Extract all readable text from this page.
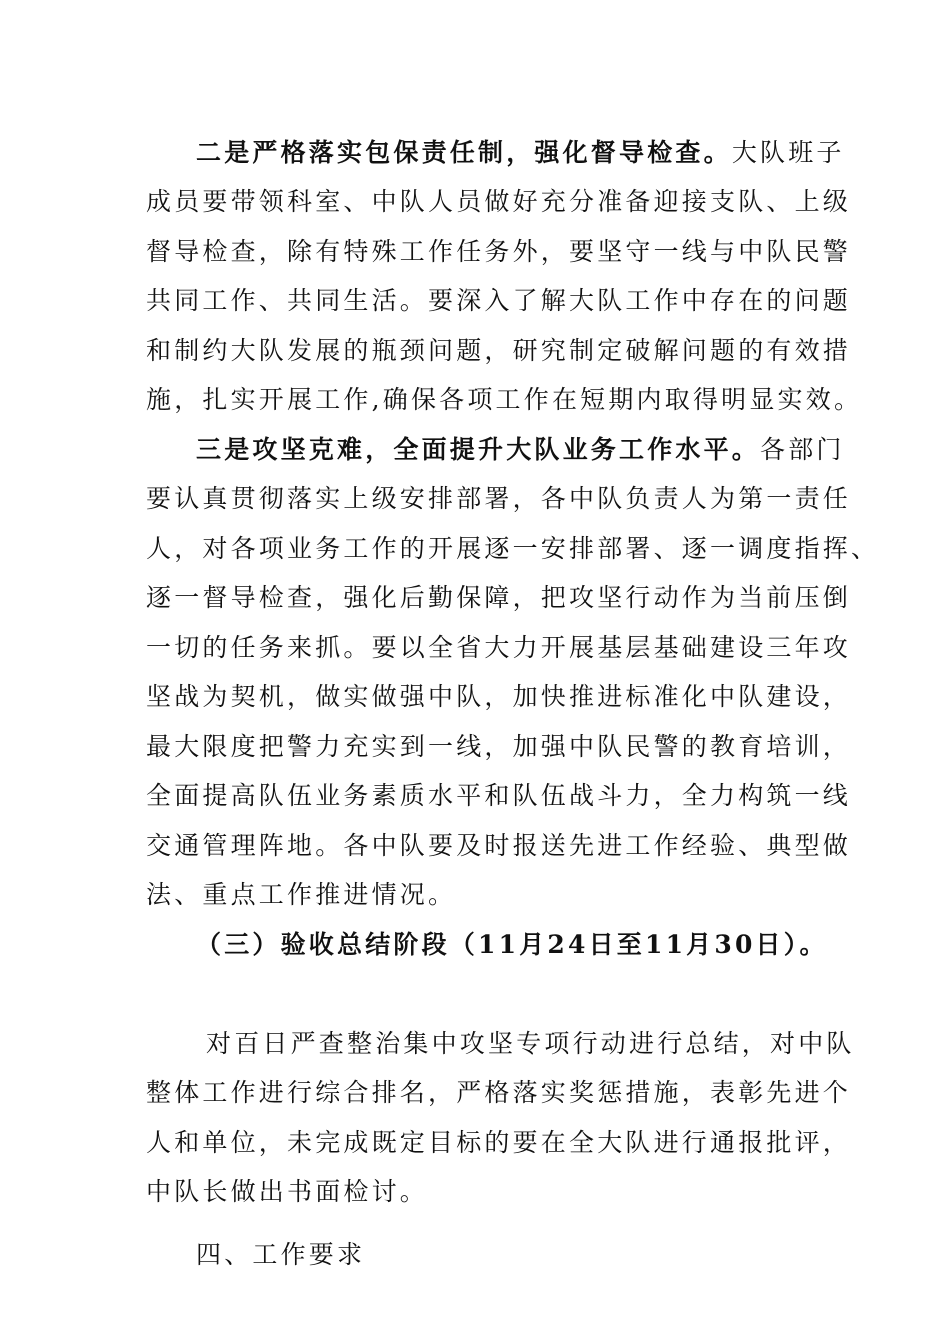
二是严格落实包保责任制，强化督导检查。大队班子
成员要带领科室、中队人员做好充分准备迎接支队、上级
督导检查，除有特殊工作任务外，要坚守一线与中队民警
共同工作、共同生活。要深入了解大队工作中存在的问题
和制约大队发展的瓶颈问题，研究制定破解问题的有效措
施，扎实开展工作,确保各项工作在短期内取得明显实效。
三是攻坚克难，全面提升大队业务工作水平。各部门
要认真贯彻落实上级安排部署，各中队负责人为第一责任
人，对各项业务工作的开展逐一安排部署、逐一调度指挥、
逐一督导检查，强化后勤保障，把攻坚行动作为当前压倒
一切的任务来抓。要以全省大力开展基层基础建设三年攻
坚战为契机，做实做强中队，加快推进标准化中队建设，
最大限度把警力充实到一线，加强中队民警的教育培训，
全面提高队伍业务素质水平和队伍战斗力，全力构筑一线
交通管理阵地。各中队要及时报送先进工作经验、典型做
法、重点工作推进情况。
（三）验收总结阶段（11月24日至11月30日）。
对百日严查整治集中攻坚专项行动进行总结，对中队
整体工作进行综合排名，严格落实奖惩措施，表彰先进个
人和单位，未完成既定目标的要在全大队进行通报批评，
中队长做出书面检讨。
四、工作要求
